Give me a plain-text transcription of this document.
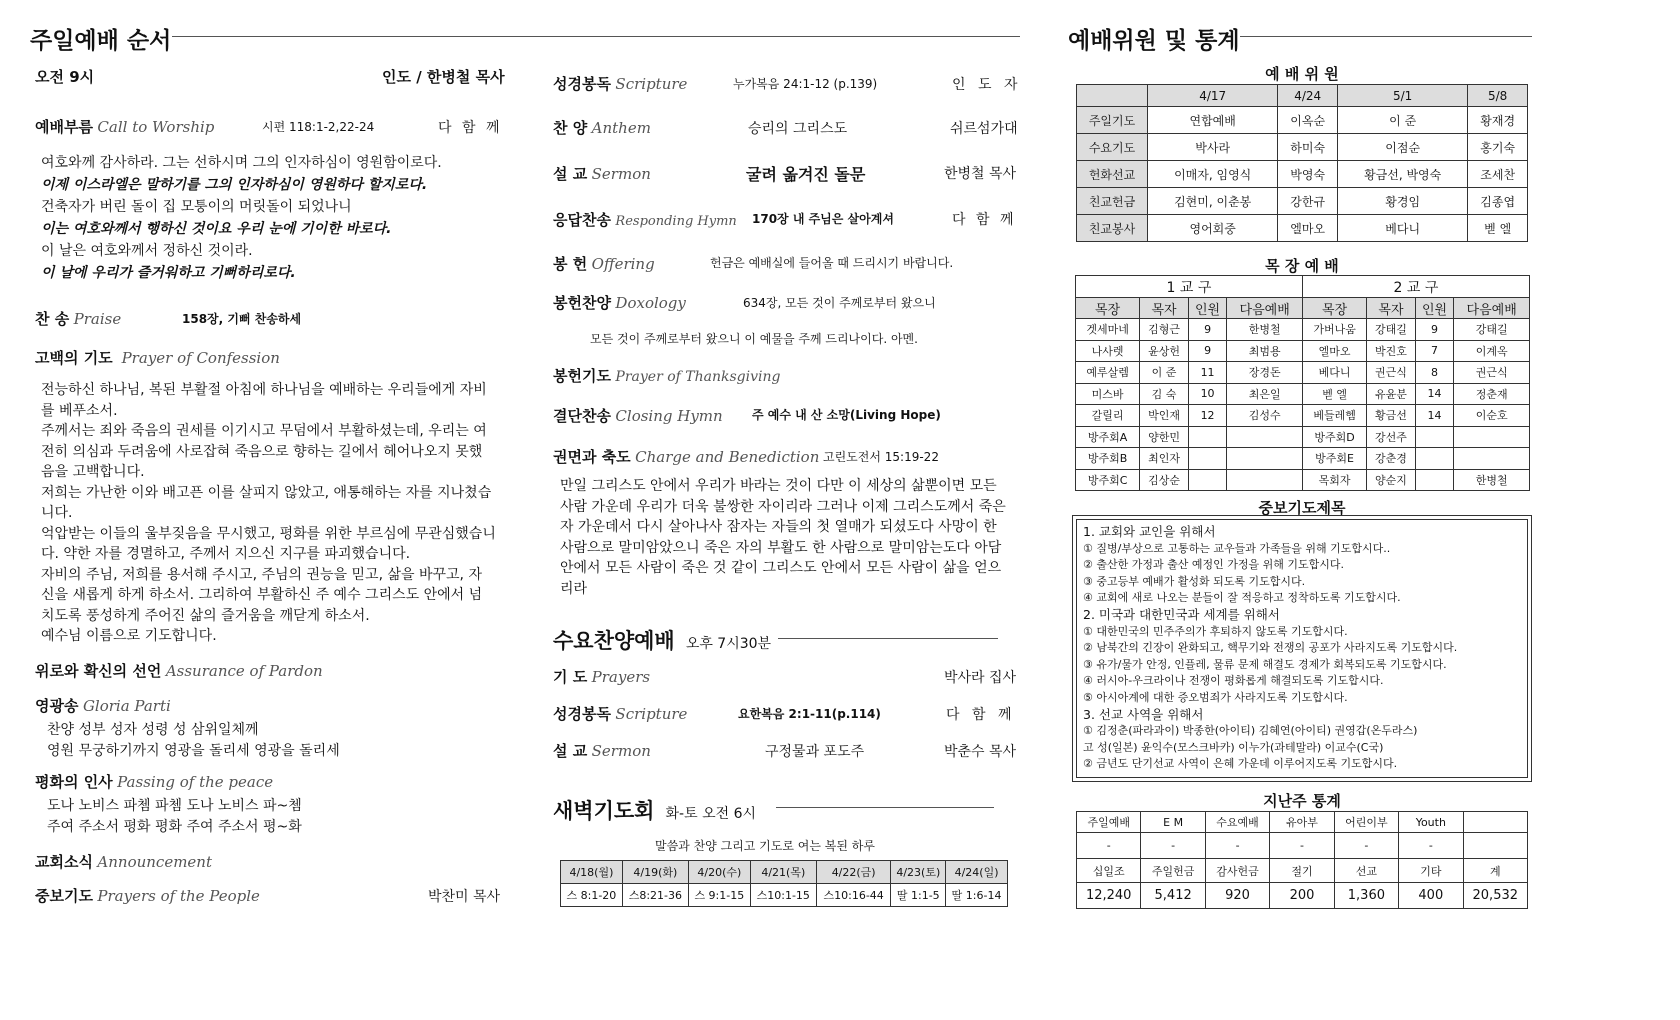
주일예배 순서
오전 9시	인도 / 한병철 목사
예배부름 Call to Worship	시편 118:1-2,22-24	다 함 께

여호와께 감사하라. 그는 선하시며 그의 인자하심이 영원함이로다.

이제 이스라엘은 말하기를 그의 인자하심이 영원하다 할지로다.

건축자가 버린 돌이 집 모퉁이의 머릿돌이 되었나니

이는 여호와께서 행하신 것이요 우리 눈에 기이한 바로다.

이 날은 여호와께서 정하신 것이라.

이 날에 우리가 즐거워하고 기뻐하리로다.

찬 송 Praise	158장, 기뻐 찬송하세
고백의 기도 Prayer of Confession

전능하신 하나님, 복된 부활절 아침에 하나님을 예배하는 우리들에게 자비

를 베푸소서.

주께서는 죄와 죽음의 권세를 이기시고 무덤에서 부활하셨는데, 우리는 여

전히 의심과 두려움에 사로잡혀 죽음으로 향하는 길에서 헤어나오지 못했

음을 고백합니다.

저희는 가난한 이와 배고픈 이를 살피지 않았고, 애통해하는 자를 지나쳤습

니다.

억압받는 이들의 울부짖음을 무시했고, 평화를 위한 부르심에 무관심했습니

다. 약한 자를 경멸하고, 주께서 지으신 지구를 파괴했습니다.

자비의 주님, 저희를 용서해 주시고, 주님의 권능을 믿고, 삶을 바꾸고, 자

신을 새롭게 하게 하소서. 그리하여 부활하신 주 예수 그리스도 안에서 넘

치도록 풍성하게 주어진 삶의 즐거움을 깨닫게 하소서.

예수님 이름으로 기도합니다.

위로와 확신의 선언 Assurance of Pardon
영광송 Gloria Parti

찬양 성부 성자 성령 성 삼위일체께

영원 무궁하기까지 영광을 돌리세 영광을 돌리세

평화의 인사 Passing of the peace

도나 노비스 파쳄 파쳄 도나 노비스 파~쳄

주여 주소서 평화 평화 주여 주소서 평~화

교회소식 Announcement
중보기도 Prayers of the People	박찬미 목사
성경봉독 Scripture	누가복음 24:1-12 (p.139)	인 도 자
찬 양 Anthem	승리의 그리스도	쉬르섬가대
설 교 Sermon	굴려 옮겨진 돌문	한병철 목사
응답찬송 Responding Hymn 170장 내 주님은 살아계셔	다 함 께
봉 헌 Offering	헌금은 예배실에 들어올 때 드리시기 바랍니다.
봉헌찬양 Doxology	634장, 모든 것이 주께로부터 왔으니
모든 것이 주께로부터 왔으니 이 예물을 주께 드리나이다. 아멘.
봉헌기도 Prayer of Thanksgiving
결단찬송 Closing Hymn 주 예수 내 산 소망(Living Hope)
권면과 축도 Charge and Benediction 고린도전서 15:19-22

만일 그리스도 안에서 우리가 바라는 것이 다만 이 세상의 삶뿐이면 모든

사람 가운데 우리가 더욱 불쌍한 자이리라 그러나 이제 그리스도께서 죽은

자 가운데서 다시 살아나사 잠자는 자들의 첫 열매가 되셨도다 사망이 한

사람으로 말미암았으니 죽은 자의 부활도 한 사람으로 말미암는도다 아담

안에서 모든 사람이 죽은 것 같이 그리스도 안에서 모든 사람이 삶을 얻으

리라

수요찬양예배 오후 7시30분
기 도 Prayers	박사라 집사
성경봉독 Scripture	요한복음 2:1-11(p.114)	다 함 께
설 교 Sermon	구정물과 포도주	박춘수 목사
새벽기도회 화-토 오전 6시
말씀과 찬양 그리고 기도로 여는 복된 하루
4/18(월)	4/19(화)	4/20(수)	4/21(목)	4/22(금)	4/23(토)	4/24(일)
스 8:1-20	스8:21-36	스 9:1-15	스10:1-15	스10:16-44	딸 1:1-5	딸 1:6-14
예배위원 및 통계
예 배 위 원
	4/17	4/24	5/1	5/8
주일기도	연합예배	이옥순	이 준	황재경
수요기도	박사라	하미숙	이점순	홍기숙
헌화선교	이매자, 임영식	박영숙	황금선, 박영숙	조세찬
친교헌금	김현미, 이춘봉	강한규	황경임	김종엽
친교봉사	영어회중	엘마오	베다니	벧 엘
목 장 예 배
1 교 구				2 교 구			
목장	목자	인원	다음예배	목장	목자	인원	다음예배
겟세마네	김형근	9	한병철	가버나움	강태길	9	강태길
나사렛	윤상헌	9	최범용	엘마오	박진호	7	이계옥
예루살렘	이 준	11	장경돈	베다니	권근식	8	권근식
미스바	김 숙	10	최은일	벧 엘	유윤분	14	정춘재
갈릴리	박인재	12	김성수	베들레헴	황금선	14	이순호
방주회A	양한민			방주회D	강선주		
방주회B	최인자			방주회E	강춘경		
방주회C	김상순			목회자	양순지		한병철
중보기도제목
1. 교회와 교인을 위해서
① 질병/부상으로 고통하는 교우들과 가족들을 위해 기도합시다..
② 출산한 가정과 출산 예정인 가정을 위해 기도합시다.
③ 중고등부 예배가 활성화 되도록 기도합시다.
④ 교회에 새로 나오는 분들이 잘 적응하고 정착하도록 기도합시다.
2. 미국과 대한민국과 세계를 위해서
① 대한민국의 민주주의가 후퇴하지 않도록 기도합시다.
② 남북간의 긴장이 완화되고, 핵무기와 전쟁의 공포가 사라지도록 기도합시다.
③ 유가/물가 안정, 인플레, 물류 문제 해결도 경제가 회복되도록 기도합시다.
④ 러시아-우크라이나 전쟁이 평화롭게 해결되도록 기도합시다.
⑤ 아시아계에 대한 증오범죄가 사라지도록 기도합시다.
3. 선교 사역을 위해서
① 김정춘(파라과이) 박종한(아이티) 김혜연(아이티) 권영갑(온두라스)
고 성(일본) 윤익수(모스크바카) 이누가(과테말라) 이교수(C국)
② 금년도 단기선교 사역이 은혜 가운데 이루어지도록 기도합시다.
지난주 통계
주일예배	E M	수요예배	유아부	어린이부	Youth	
-	-	-	-	-	-	
십일조	주일헌금	감사헌금	절기	선교	기타	계
12,240	5,412	920	200	1,360	400	20,532
